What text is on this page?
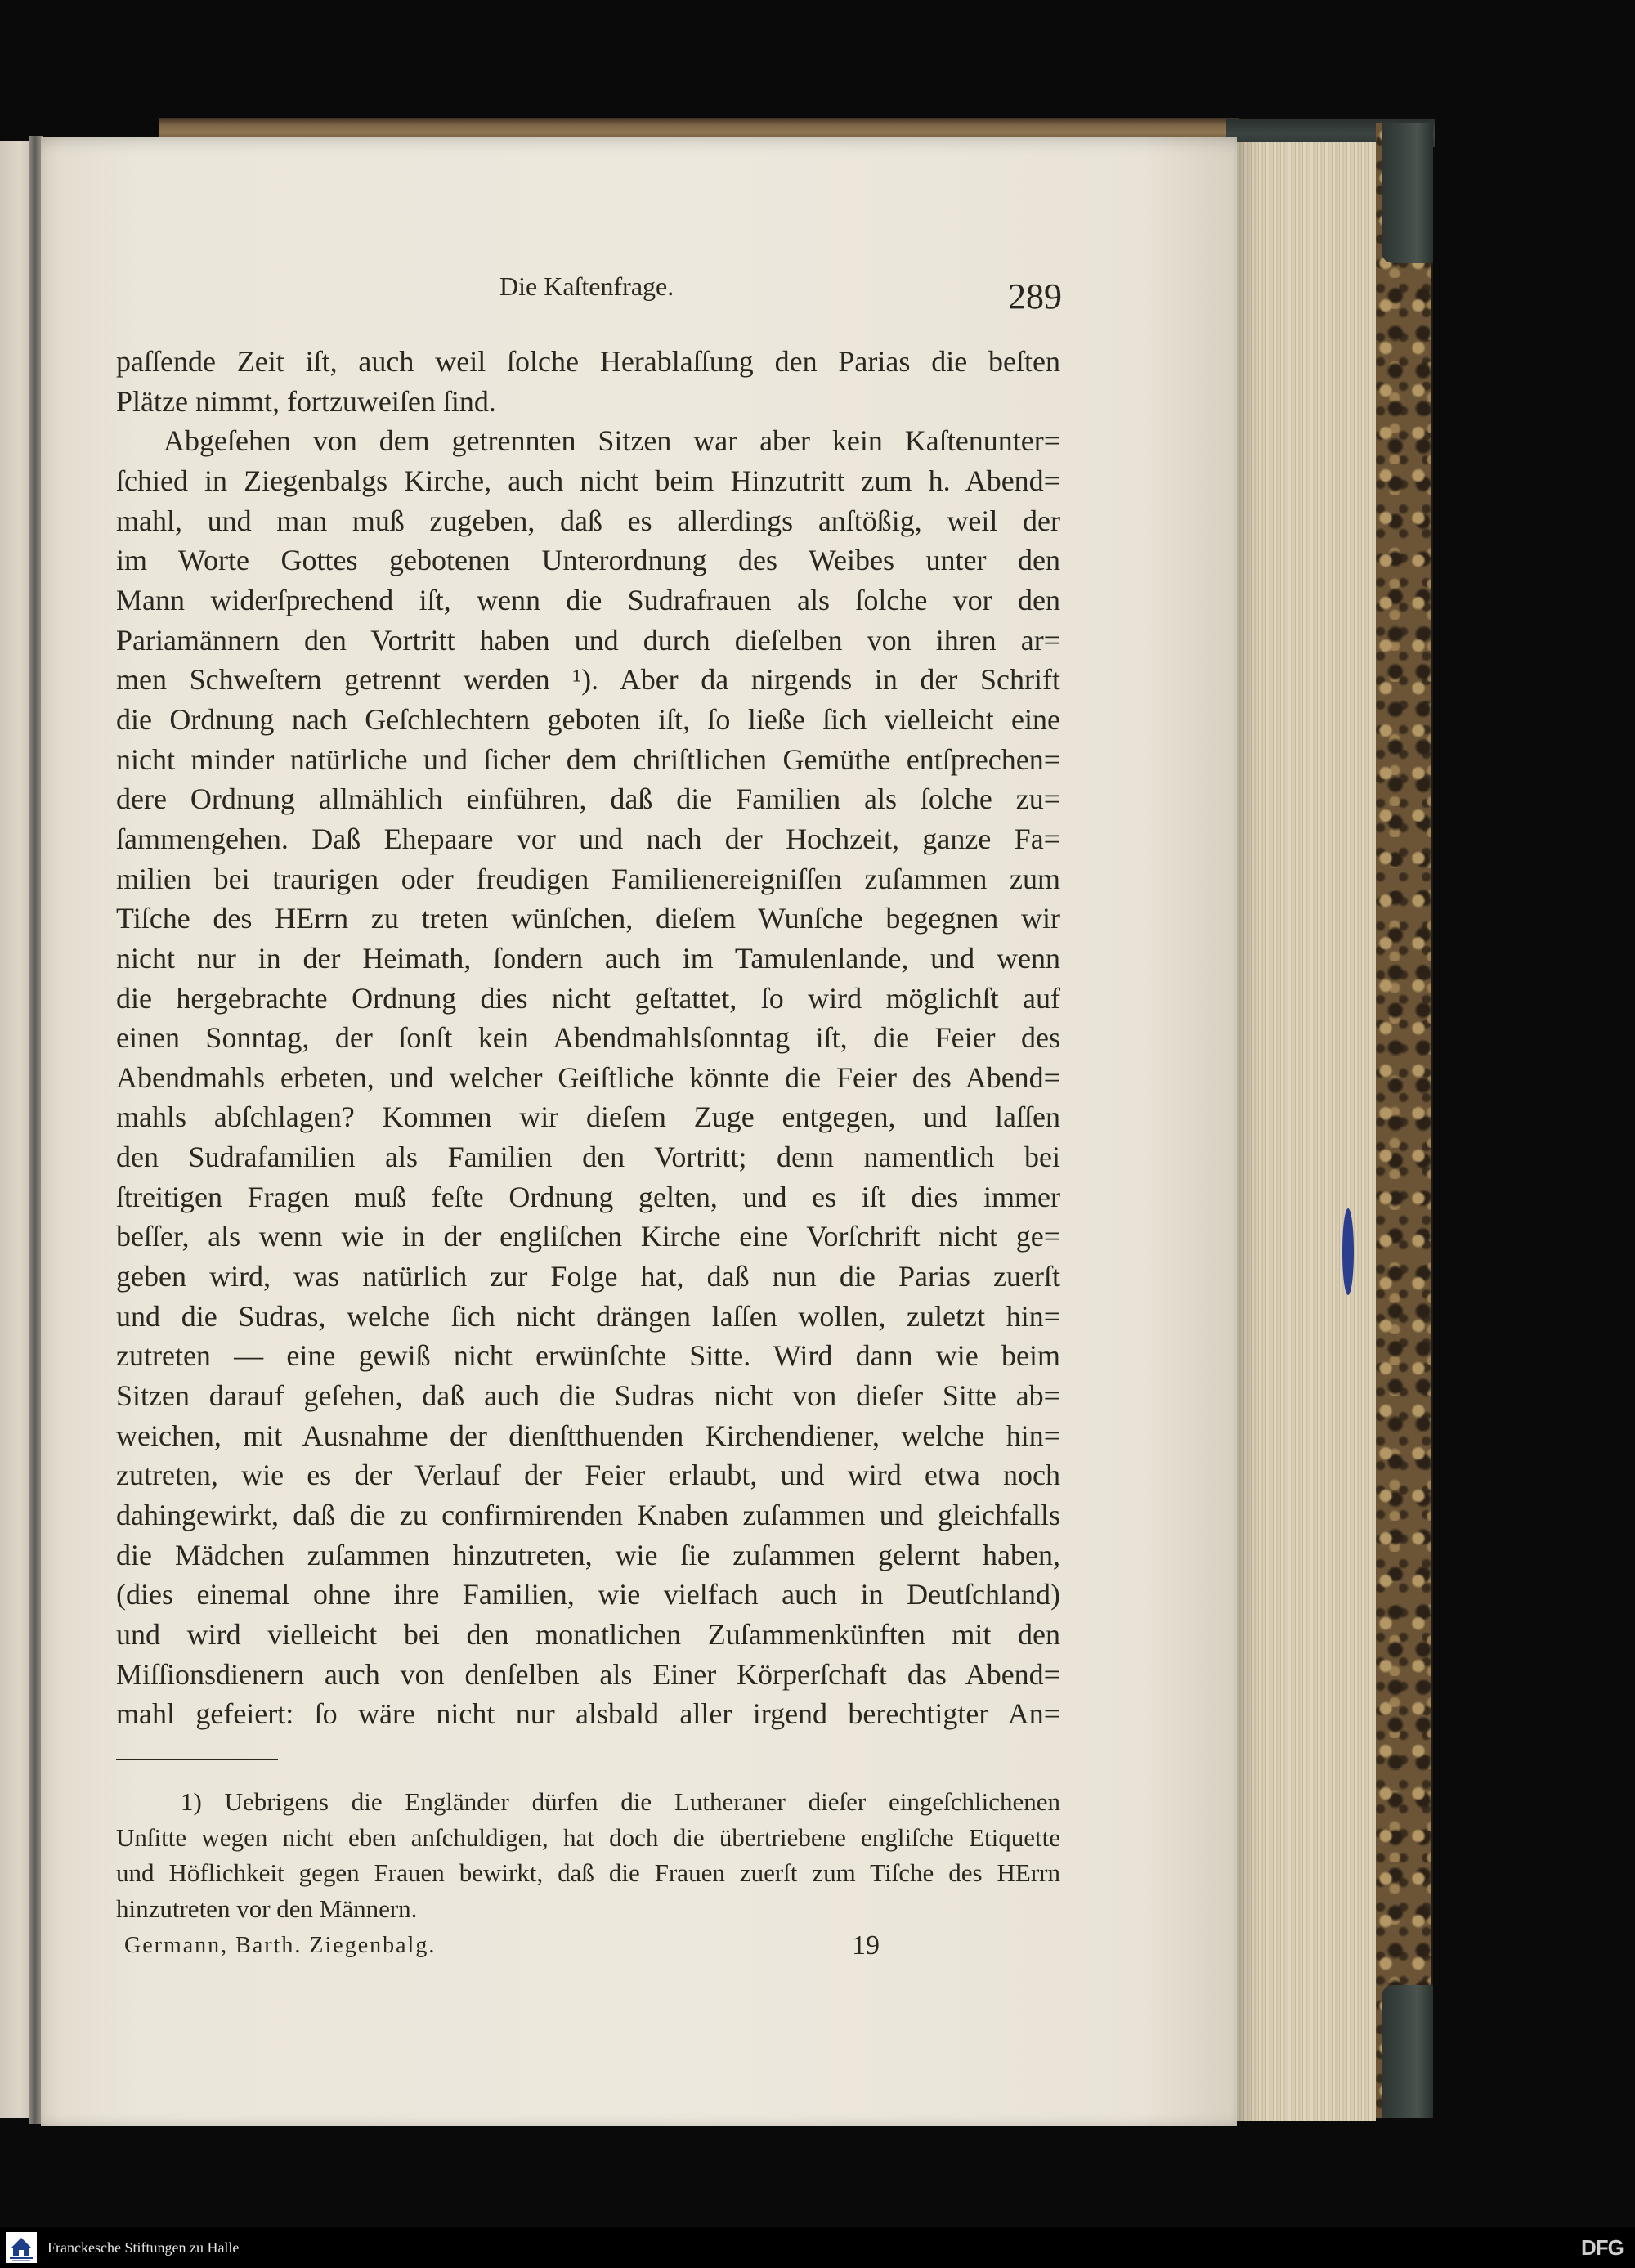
Die Kaſtenfrage.	289
paſſende Zeit iſt, auch weil ſolche Herablaſſung den Parias die beſten
Plätze nimmt, fortzuweiſen ſind.
Abgeſehen von dem getrennten Sitzen war aber kein Kaſtenunter=
ſchied in Ziegenbalgs Kirche, auch nicht beim Hinzutritt zum h. Abend=
mahl, und man muß zugeben, daß es allerdings anſtößig, weil der
im Worte Gottes gebotenen Unterordnung des Weibes unter den
Mann widerſprechend iſt, wenn die Sudrafrauen als ſolche vor den
Pariamännern den Vortritt haben und durch dieſelben von ihren ar=
men Schweſtern getrennt werden ¹). Aber da nirgends in der Schrift
die Ordnung nach Geſchlechtern geboten iſt, ſo ließe ſich vielleicht eine
nicht minder natürliche und ſicher dem chriſtlichen Gemüthe entſprechen=
dere Ordnung allmählich einführen, daß die Familien als ſolche zu=
ſammengehen. Daß Ehepaare vor und nach der Hochzeit, ganze Fa=
milien bei traurigen oder freudigen Familienereigniſſen zuſammen zum
Tiſche des HErrn zu treten wünſchen, dieſem Wunſche begegnen wir
nicht nur in der Heimath, ſondern auch im Tamulenlande, und wenn
die hergebrachte Ordnung dies nicht geſtattet, ſo wird möglichſt auf
einen Sonntag, der ſonſt kein Abendmahlsſonntag iſt, die Feier des
Abendmahls erbeten, und welcher Geiſtliche könnte die Feier des Abend=
mahls abſchlagen? Kommen wir dieſem Zuge entgegen, und laſſen
den Sudrafamilien als Familien den Vortritt; denn namentlich bei
ſtreitigen Fragen muß feſte Ordnung gelten, und es iſt dies immer
beſſer, als wenn wie in der engliſchen Kirche eine Vorſchrift nicht ge=
geben wird, was natürlich zur Folge hat, daß nun die Parias zuerſt
und die Sudras, welche ſich nicht drängen laſſen wollen, zuletzt hin=
zutreten — eine gewiß nicht erwünſchte Sitte. Wird dann wie beim
Sitzen darauf geſehen, daß auch die Sudras nicht von dieſer Sitte ab=
weichen, mit Ausnahme der dienſtthuenden Kirchendiener, welche hin=
zutreten, wie es der Verlauf der Feier erlaubt, und wird etwa noch
dahingewirkt, daß die zu confirmirenden Knaben zuſammen und gleichfalls
die Mädchen zuſammen hinzutreten, wie ſie zuſammen gelernt haben,
(dies einemal ohne ihre Familien, wie vielfach auch in Deutſchland)
und wird vielleicht bei den monatlichen Zuſammenkünften mit den
Miſſionsdienern auch von denſelben als Einer Körperſchaft das Abend=
mahl gefeiert: ſo wäre nicht nur alsbald aller irgend berechtigter An=
1) Uebrigens die Engländer dürfen die Lutheraner dieſer eingeſchlichenen
Unſitte wegen nicht eben anſchuldigen, hat doch die übertriebene engliſche Etiquette
und Höflichkeit gegen Frauen bewirkt, daß die Frauen zuerſt zum Tiſche des HErrn
hinzutreten vor den Männern.
Germann, Barth. Ziegenbalg.	19
Franckesche Stiftungen zu Halle	DFG
